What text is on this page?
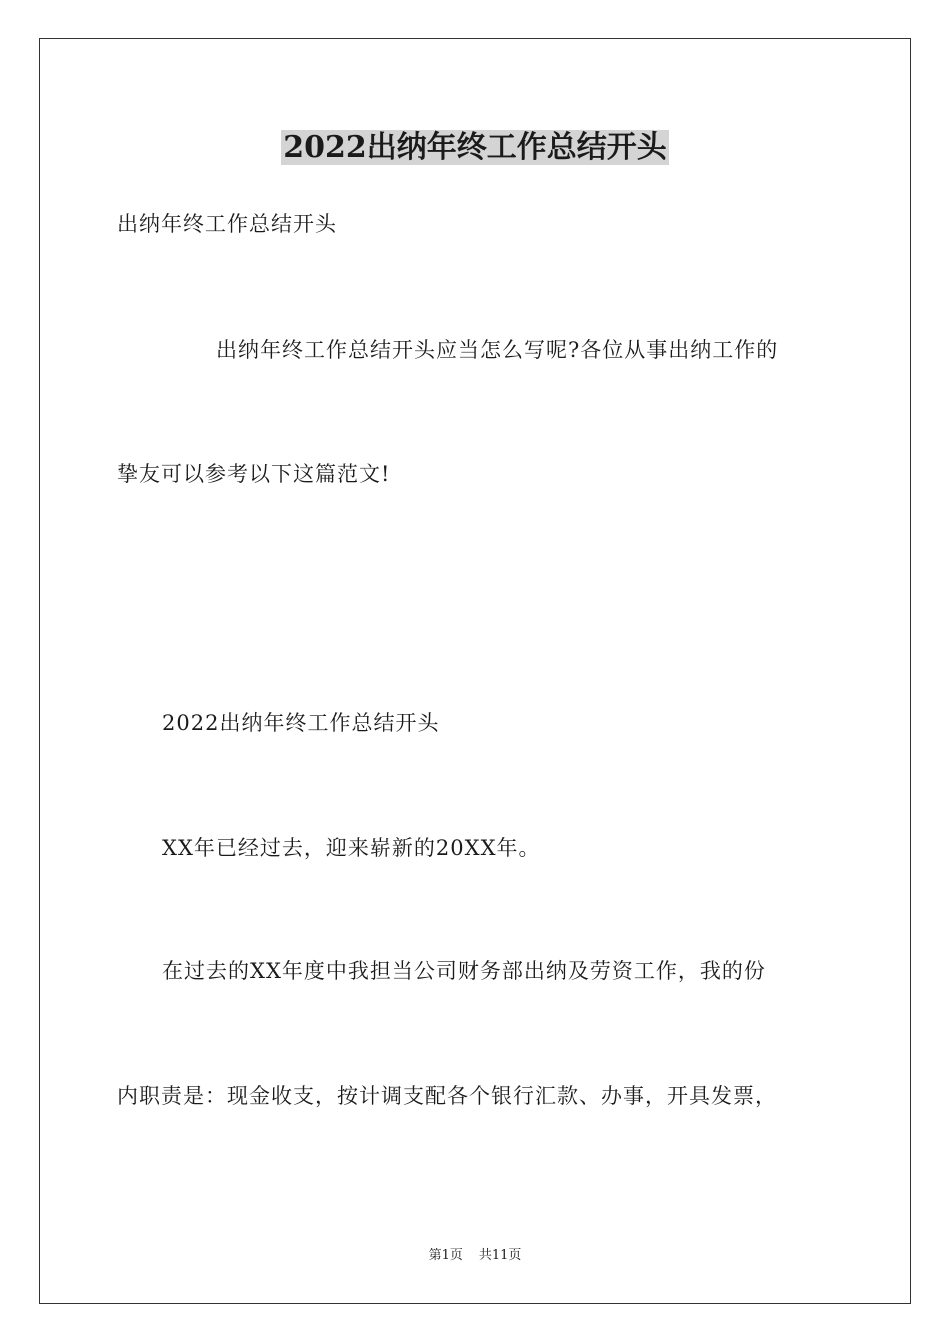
2022出纳年终工作总结开头
出纳年终工作总结开头
出纳年终工作总结开头应当怎么写呢?各位从事出纳工作的
挚友可以参考以下这篇范文!
2022出纳年终工作总结开头
XX年已经过去，迎来崭新的20XX年。
在过去的XX年度中我担当公司财务部出纳及劳资工作，我的份
内职责是：现金收支，按计调支配各个银行汇款、办事，开具发票，
第1页 共11页
